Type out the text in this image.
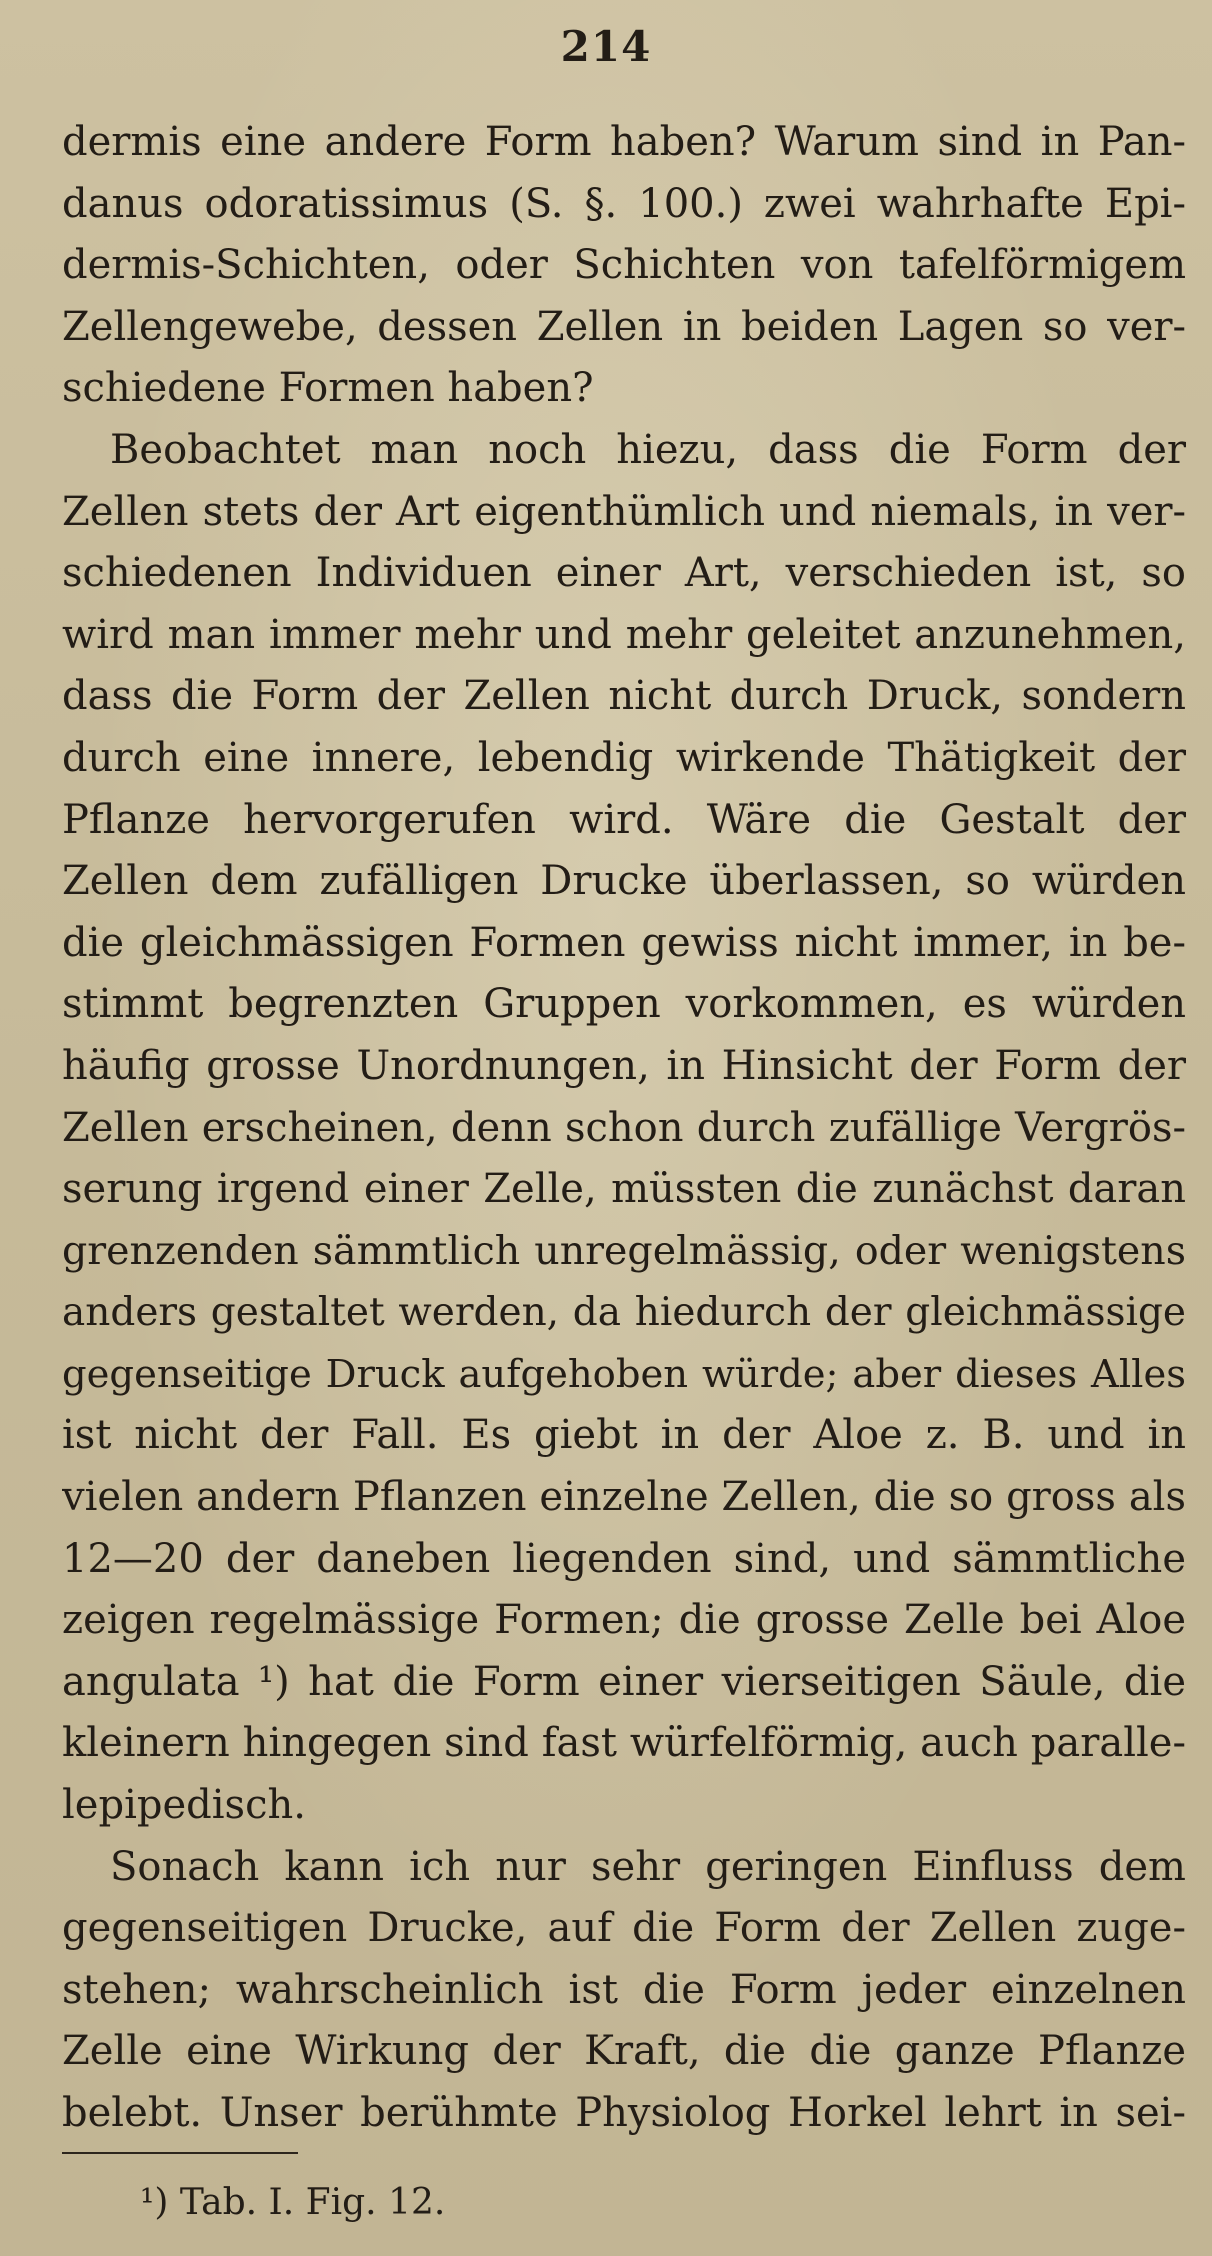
214
dermis eine andere Form haben? Warum sind in Pan-
danus odoratissimus (S. §. 100.) zwei wahrhafte Epi-
dermis-Schichten, oder Schichten von tafelförmigem
Zellengewebe, dessen Zellen in beiden Lagen so ver-
schiedene Formen haben?
Beobachtet man noch hiezu, dass die Form der
Zellen stets der Art eigenthümlich und niemals, in ver-
schiedenen Individuen einer Art, verschieden ist, so
wird man immer mehr und mehr geleitet anzunehmen,
dass die Form der Zellen nicht durch Druck, sondern
durch eine innere, lebendig wirkende Thätigkeit der
Pflanze hervorgerufen wird. Wäre die Gestalt der
Zellen dem zufälligen Drucke überlassen, so würden
die gleichmässigen Formen gewiss nicht immer, in be-
stimmt begrenzten Gruppen vorkommen, es würden
häufig grosse Unordnungen, in Hinsicht der Form der
Zellen erscheinen, denn schon durch zufällige Vergrös-
serung irgend einer Zelle, müssten die zunächst daran
grenzenden sämmtlich unregelmässig, oder wenigstens
anders gestaltet werden, da hiedurch der gleichmässige
gegenseitige Druck aufgehoben würde; aber dieses Alles
ist nicht der Fall. Es giebt in der Aloe z. B. und in
vielen andern Pflanzen einzelne Zellen, die so gross als
12—20 der daneben liegenden sind, und sämmtliche
zeigen regelmässige Formen; die grosse Zelle bei Aloe
angulata ¹) hat die Form einer vierseitigen Säule, die
kleinern hingegen sind fast würfelförmig, auch paralle-
lepipedisch.
Sonach kann ich nur sehr geringen Einfluss dem
gegenseitigen Drucke, auf die Form der Zellen zuge-
stehen; wahrscheinlich ist die Form jeder einzelnen
Zelle eine Wirkung der Kraft, die die ganze Pflanze
belebt. Unser berühmte Physiolog Horkel lehrt in sei-
¹) Tab. I. Fig. 12.
